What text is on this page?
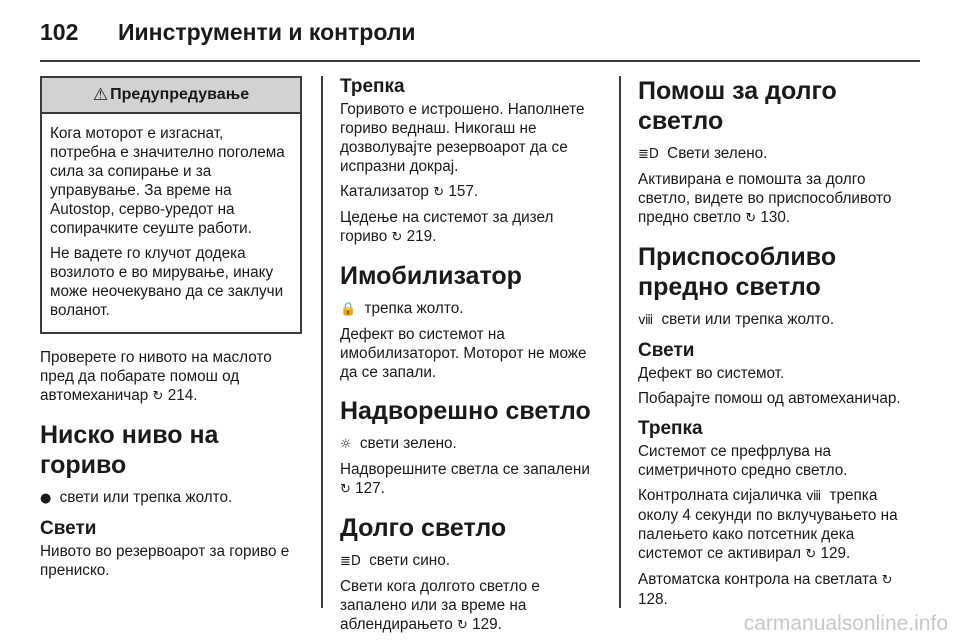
102	Иинструменти и контроли
⚠ Предупредување

Кога моторот е изгаснат, потребна е значително поголема сила за сопирање и за управување. За време на Autostop, серво-уредот на сопирачките сеуште работи.

Не вадете го клучот додека возилото е во мирување, инаку може неочекувано да се заклучи воланот.

Проверете го нивото на маслото пред да побарате помош од автомеханичар ↻ 214.

Ниско ниво на гориво

● свети или трепка жолто.

Свети

Нивото во резервоарот за гориво е прениско.

Трепка

Горивото е истрошено. Наполнете гориво веднаш. Никогаш не дозволувајте резервоарот да се испразни докрај.

Катализатор ↻ 157.

Цедење на системот за дизел гориво ↻ 219.

Имобилизатор

🔒 трепка жолто.

Дефект во системот на имобилизаторот. Моторот не може да се запали.

Надворешно светло

☼ свети зелено.

Надворешните светла се запалени ↻ 127.

Долго светло

≣D свети сино.

Свети кога долгото светло е запалено или за време на аблендирањето ↻ 129.

Помош за долго светло

≣D Свети зелено.

Активирана е помошта за долго светло, видете во приспособливото предно светло ↻ 130.

Приспособливо предно светло

ⅷ свети или трепка жолто.

Свети

Дефект во системот.

Побарајте помош од автомеханичар.

Трепка

Системот се префрлува на симетричното средно светло.

Контролната сијаличка ⅷ трепка околу 4 секунди по вклучувањето на палењето како потсетник дека системот се активирал ↻ 129.

Автоматска контрола на светлата ↻ 128.

carmanualsonline.info
